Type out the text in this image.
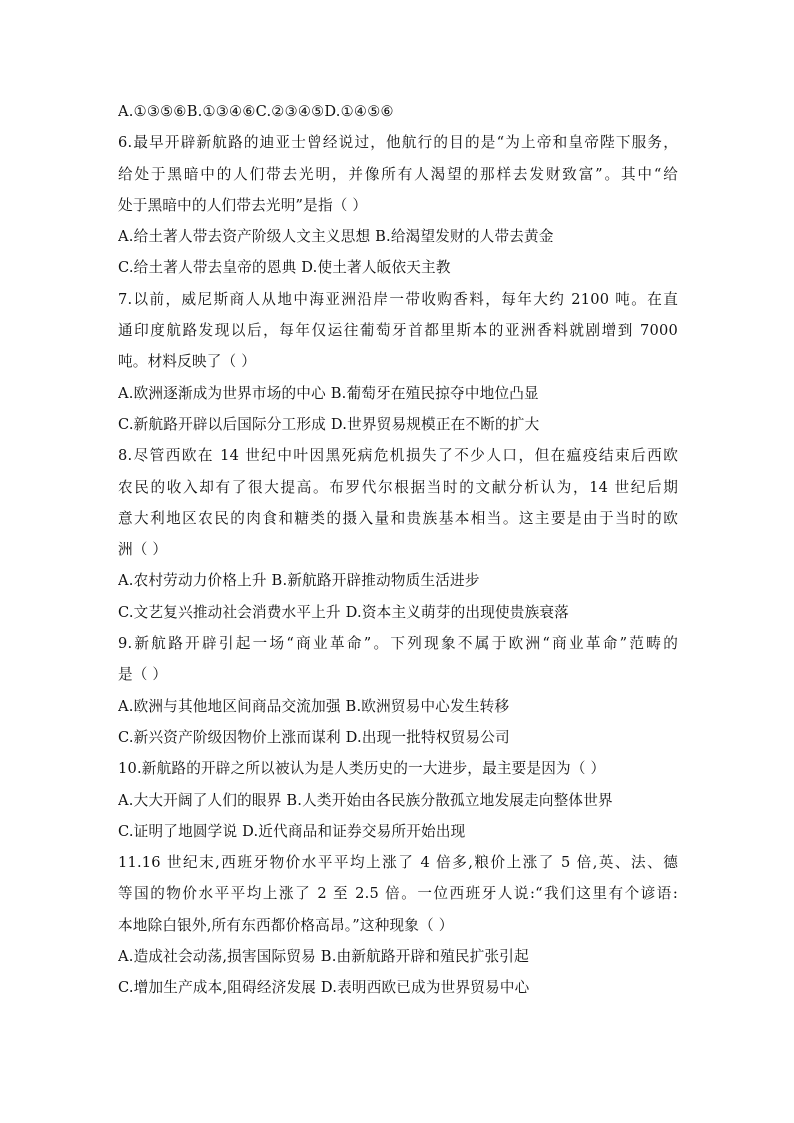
A.①③⑤⑥B.①③④⑥C.②③④⑤D.①④⑤⑥
6.最早开辟新航路的迪亚士曾经说过，他航行的目的是“为上帝和皇帝陛下服务，
给处于黑暗中的人们带去光明，并像所有人渴望的那样去发财致富”。其中“给
处于黑暗中的人们带去光明”是指（ ）
A.给土著人带去资产阶级人文主义思想 B.给渴望发财的人带去黄金
C.给土著人带去皇帝的恩典 D.使土著人皈依天主教
7.以前，威尼斯商人从地中海亚洲沿岸一带收购香料，每年大约 2100 吨。在直
通印度航路发现以后，每年仅运往葡萄牙首都里斯本的亚洲香料就剧增到 7000
吨。材料反映了（ ）
A.欧洲逐渐成为世界市场的中心 B.葡萄牙在殖民掠夺中地位凸显
C.新航路开辟以后国际分工形成 D.世界贸易规模正在不断的扩大
8.尽管西欧在 14 世纪中叶因黑死病危机损失了不少人口，但在瘟疫结束后西欧
农民的收入却有了很大提高。布罗代尔根据当时的文献分析认为，14 世纪后期
意大利地区农民的肉食和糖类的摄入量和贵族基本相当。这主要是由于当时的欧
洲（ ）
A.农村劳动力价格上升 B.新航路开辟推动物质生活进步
C.文艺复兴推动社会消费水平上升 D.资本主义萌芽的出现使贵族衰落
9.新航路开辟引起一场“商业革命”。下列现象不属于欧洲“商业革命”范畴的
是（ ）
A.欧洲与其他地区间商品交流加强 B.欧洲贸易中心发生转移
C.新兴资产阶级因物价上涨而谋利 D.出现一批特权贸易公司
10.新航路的开辟之所以被认为是人类历史的一大进步，最主要是因为（ ）
A.大大开阔了人们的眼界 B.人类开始由各民族分散孤立地发展走向整体世界
C.证明了地圆学说 D.近代商品和证券交易所开始出现
11.16 世纪末,西班牙物价水平平均上涨了 4 倍多,粮价上涨了 5 倍,英、法、德
等国的物价水平平均上涨了 2 至 2.5 倍。一位西班牙人说:“我们这里有个谚语:
本地除白银外,所有东西都价格高昂。”这种现象（ ）
A.造成社会动荡,损害国际贸易 B.由新航路开辟和殖民扩张引起
C.增加生产成本,阻碍经济发展 D.表明西欧已成为世界贸易中心
